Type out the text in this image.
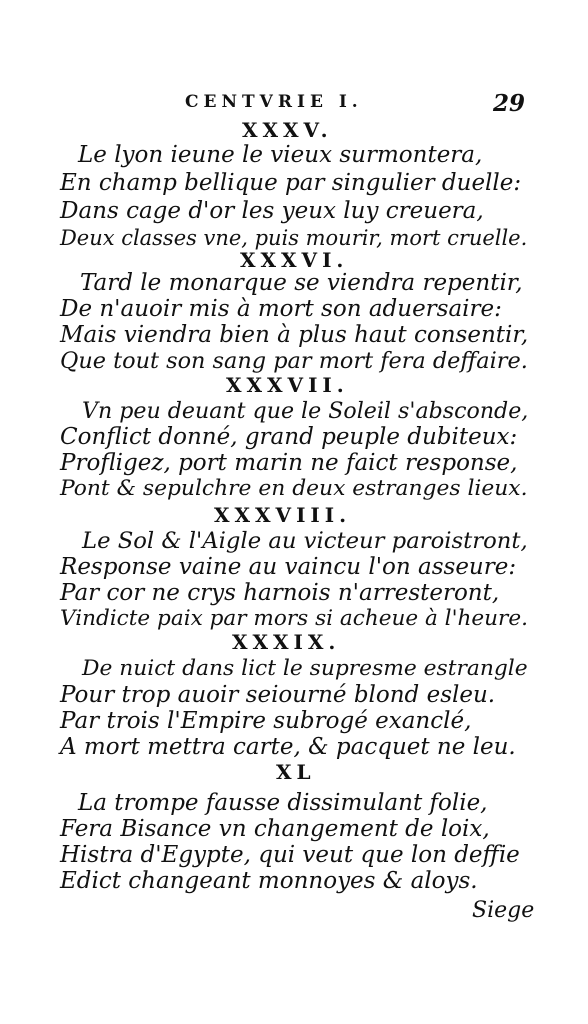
CENTVRIE I.	29
XXXV.
Le lyon ieune le vieux surmontera,
En champ bellique par singulier duelle:
Dans cage d'or les yeux luy creuera,
Deux classes vne, puis mourir, mort cruelle.
XXXVI.
Tard le monarque se viendra repentir,
De n'auoir mis à mort son aduersaire:
Mais viendra bien à plus haut consentir,
Que tout son sang par mort fera deffaire.
XXXVII.
Vn peu deuant que le Soleil s'absconde,
Conflict donné, grand peuple dubiteux:
Profligez, port marin ne faict response,
Pont & sepulchre en deux estranges lieux.
XXXVIII.
Le Sol & l'Aigle au victeur paroistront,
Response vaine au vaincu l'on asseure:
Par cor ne crys harnois n'arresteront,
Vindicte paix par mors si acheue à l'heure.
XXXIX.
De nuict dans lict le supresme estrangle
Pour trop auoir seiourné blond esleu.
Par trois l'Empire subrogé exanclé,
A mort mettra carte, & pacquet ne leu.
XL
La trompe fausse dissimulant folie,
Fera Bisance vn changement de loix,
Histra d'Egypte, qui veut que lon deffie
Edict changeant monnoyes & aloys.
Siege
